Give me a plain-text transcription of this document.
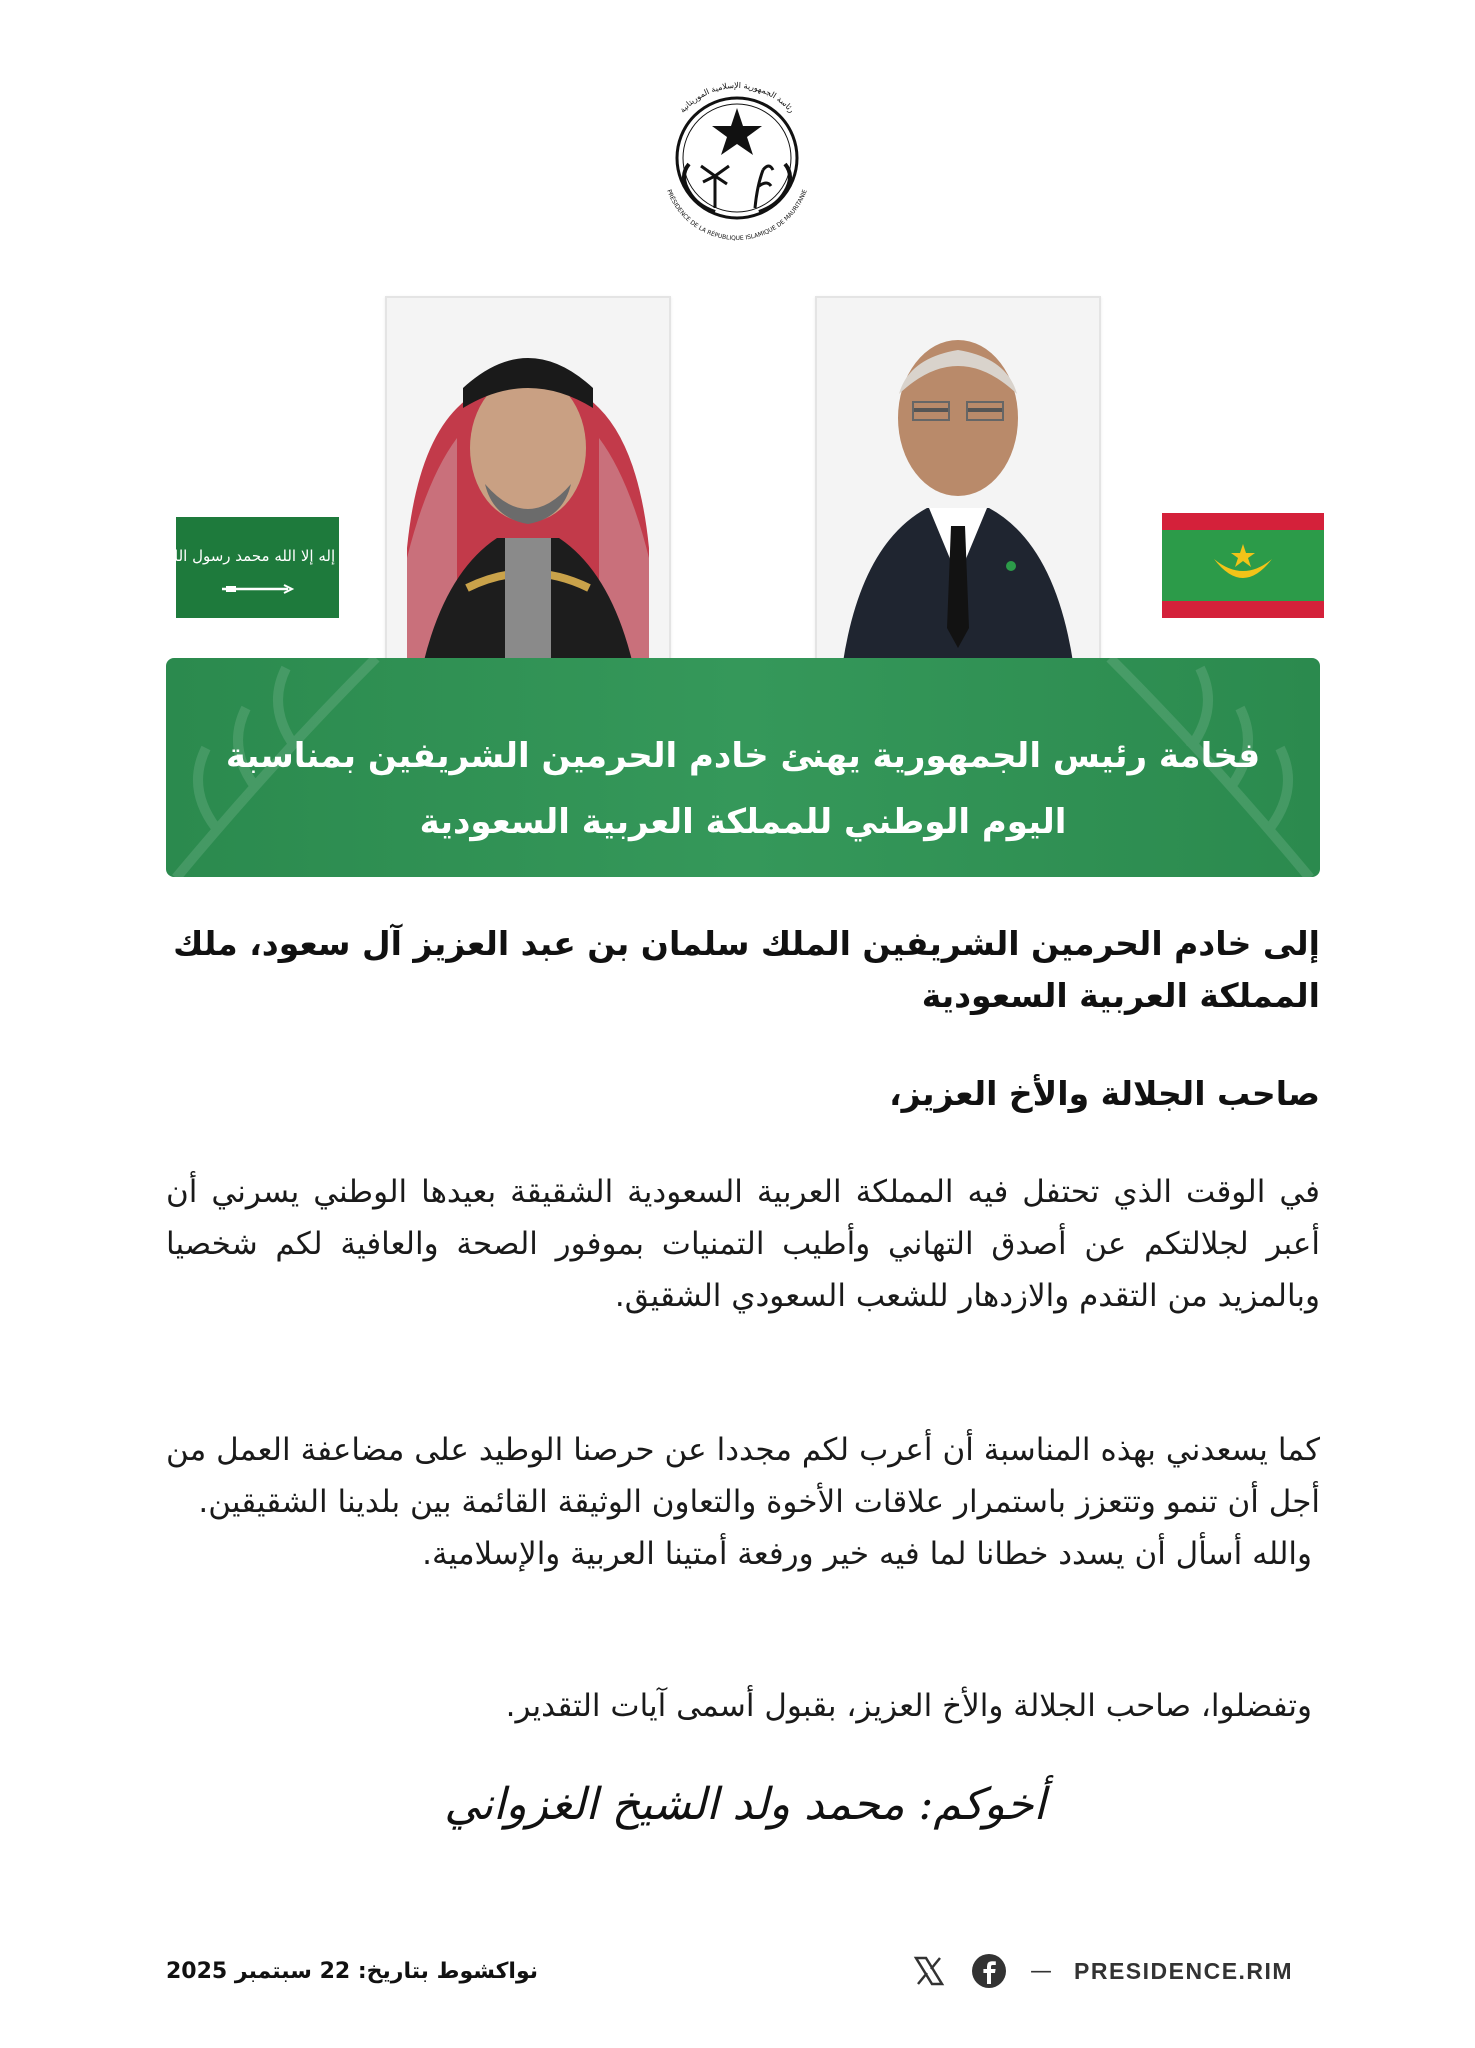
رئاسة الجمهورية الإسلامية الموريتانية
PRÉSIDENCE DE LA RÉPUBLIQUE ISLAMIQUE DE MAURITANIE
لا إله إلا الله محمد رسول الله
فخامة رئيس الجمهورية يهنئ خادم الحرمين الشريفين بمناسبة
اليوم الوطني للمملكة العربية السعودية
إلى خادم الحرمين الشريفين الملك سلمان بن عبد العزيز آل سعود، ملك
المملكة العربية السعودية
صاحب الجلالة والأخ العزيز،
في الوقت الذي تحتفل فيه المملكة العربية السعودية الشقيقة بعيدها الوطني يسرني أن أعبر لجلالتكم عن أصدق التهاني وأطيب التمنيات بموفور الصحة والعافية لكم شخصيا وبالمزيد من التقدم والازدهار للشعب السعودي الشقيق.
كما يسعدني بهذه المناسبة أن أعرب لكم مجددا عن حرصنا الوطيد على مضاعفة العمل من أجل أن تنمو وتتعزز باستمرار علاقات الأخوة والتعاون الوثيقة القائمة بين بلدينا الشقيقين.
والله أسأل أن يسدد خطانا لما فيه خير ورفعة أمتينا العربية والإسلامية.
وتفضلوا، صاحب الجلالة والأخ العزيز، بقبول أسمى آيات التقدير.
أخوكم: محمد ولد الشيخ الغزواني
نواكشوط بتاريخ: 22 سبتمبر 2025	— PRESIDENCE.RIM
